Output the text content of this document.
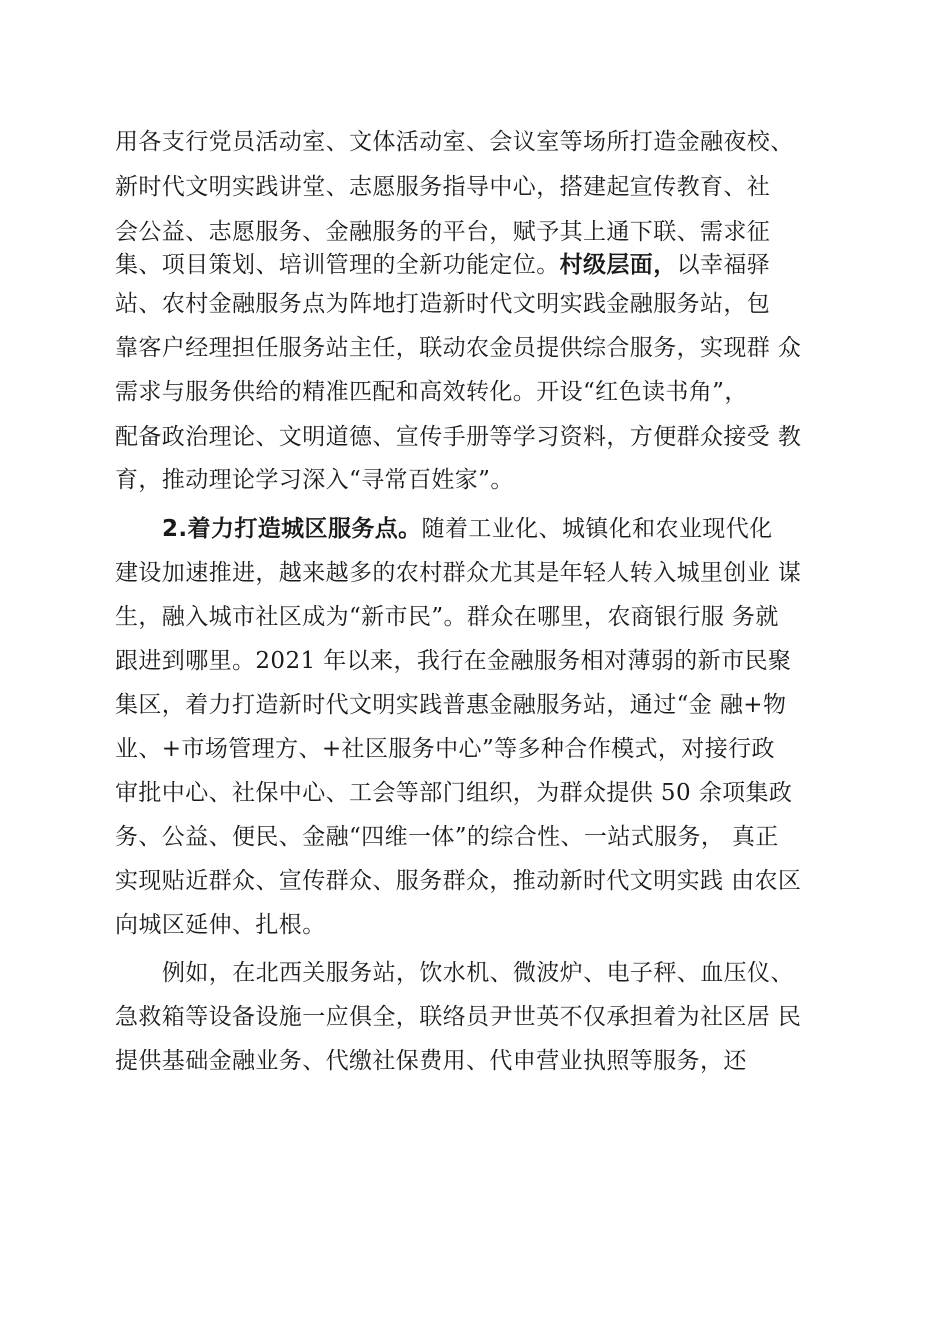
用各支行党员活动室、文体活动室、会议室等场所打造金融夜校、
新时代文明实践讲堂、志愿服务指导中心，搭建起宣传教育、社
会公益、志愿服务、金融服务的平台，赋予其上通下联、需求征
集、项目策划、培训管理的全新功能定位。村级层面，以幸福驿
站、农村金融服务点为阵地打造新时代文明实践金融服务站，包
靠客户经理担任服务站主任，联动农金员提供综合服务，实现群 众
需求与服务供给的精准匹配和高效转化。开设“红色读书角”，
配备政治理论、文明道德、宣传手册等学习资料，方便群众接受 教
育，推动理论学习深入“寻常百姓家”。
2.着力打造城区服务点。随着工业化、城镇化和农业现代化
建设加速推进，越来越多的农村群众尤其是年轻人转入城里创业 谋
生，融入城市社区成为“新市民”。群众在哪里，农商银行服 务就
跟进到哪里。2021 年以来，我行在金融服务相对薄弱的新市民聚
集区，着力打造新时代文明实践普惠金融服务站，通过“金 融+物
业、+市场管理方、+社区服务中心”等多种合作模式，对接行政
审批中心、社保中心、工会等部门组织，为群众提供 50 余项集政
务、公益、便民、金融“四维一体”的综合性、一站式服务， 真正
实现贴近群众、宣传群众、服务群众，推动新时代文明实践 由农区
向城区延伸、扎根。
例如，在北西关服务站，饮水机、微波炉、电子秤、血压仪、
急救箱等设备设施一应俱全，联络员尹世英不仅承担着为社区居 民
提供基础金融业务、代缴社保费用、代申营业执照等服务，还
